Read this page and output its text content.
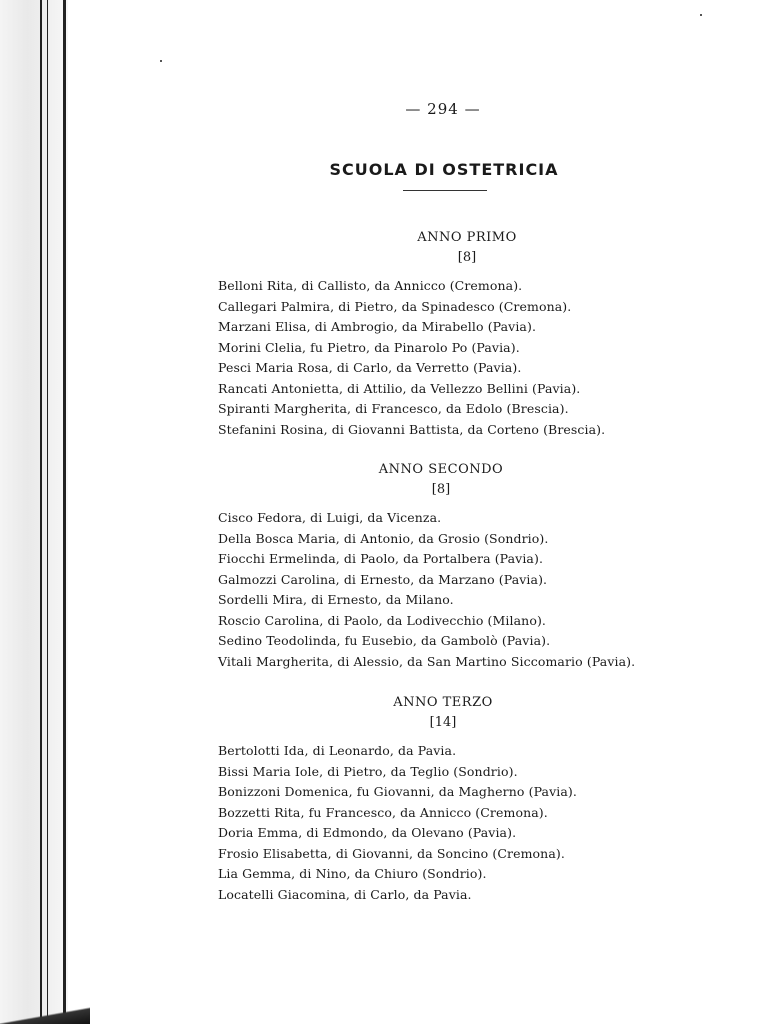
— 294 —
SCUOLA DI OSTETRICIA
ANNO PRIMO
[8]
Belloni Rita, di Callisto, da Annicco (Cremona).
Callegari Palmira, di Pietro, da Spinadesco (Cremona).
Marzani Elisa, di Ambrogio, da Mirabello (Pavia).
Morini Clelia, fu Pietro, da Pinarolo Po (Pavia).
Pesci Maria Rosa, di Carlo, da Verretto (Pavia).
Rancati Antonietta, di Attilio, da Vellezzo Bellini (Pavia).
Spiranti Margherita, di Francesco, da Edolo (Brescia).
Stefanini Rosina, di Giovanni Battista, da Corteno (Brescia).
ANNO SECONDO
[8]
Cisco Fedora, di Luigi, da Vicenza.
Della Bosca Maria, di Antonio, da Grosio (Sondrio).
Fiocchi Ermelinda, di Paolo, da Portalbera (Pavia).
Galmozzi Carolina, di Ernesto, da Marzano (Pavia).
Sordelli Mira, di Ernesto, da Milano.
Roscio Carolina, di Paolo, da Lodivecchio (Milano).
Sedino Teodolinda, fu Eusebio, da Gambolò (Pavia).
Vitali Margherita, di Alessio, da San Martino Siccomario (Pavia).
ANNO TERZO
[14]
Bertolotti Ida, di Leonardo, da Pavia.
Bissi Maria Iole, di Pietro, da Teglio (Sondrio).
Bonizzoni Domenica, fu Giovanni, da Magherno (Pavia).
Bozzetti Rita, fu Francesco, da Annicco (Cremona).
Doria Emma, di Edmondo, da Olevano (Pavia).
Frosio Elisabetta, di Giovanni, da Soncino (Cremona).
Lia Gemma, di Nino, da Chiuro (Sondrio).
Locatelli Giacomina, di Carlo, da Pavia.
